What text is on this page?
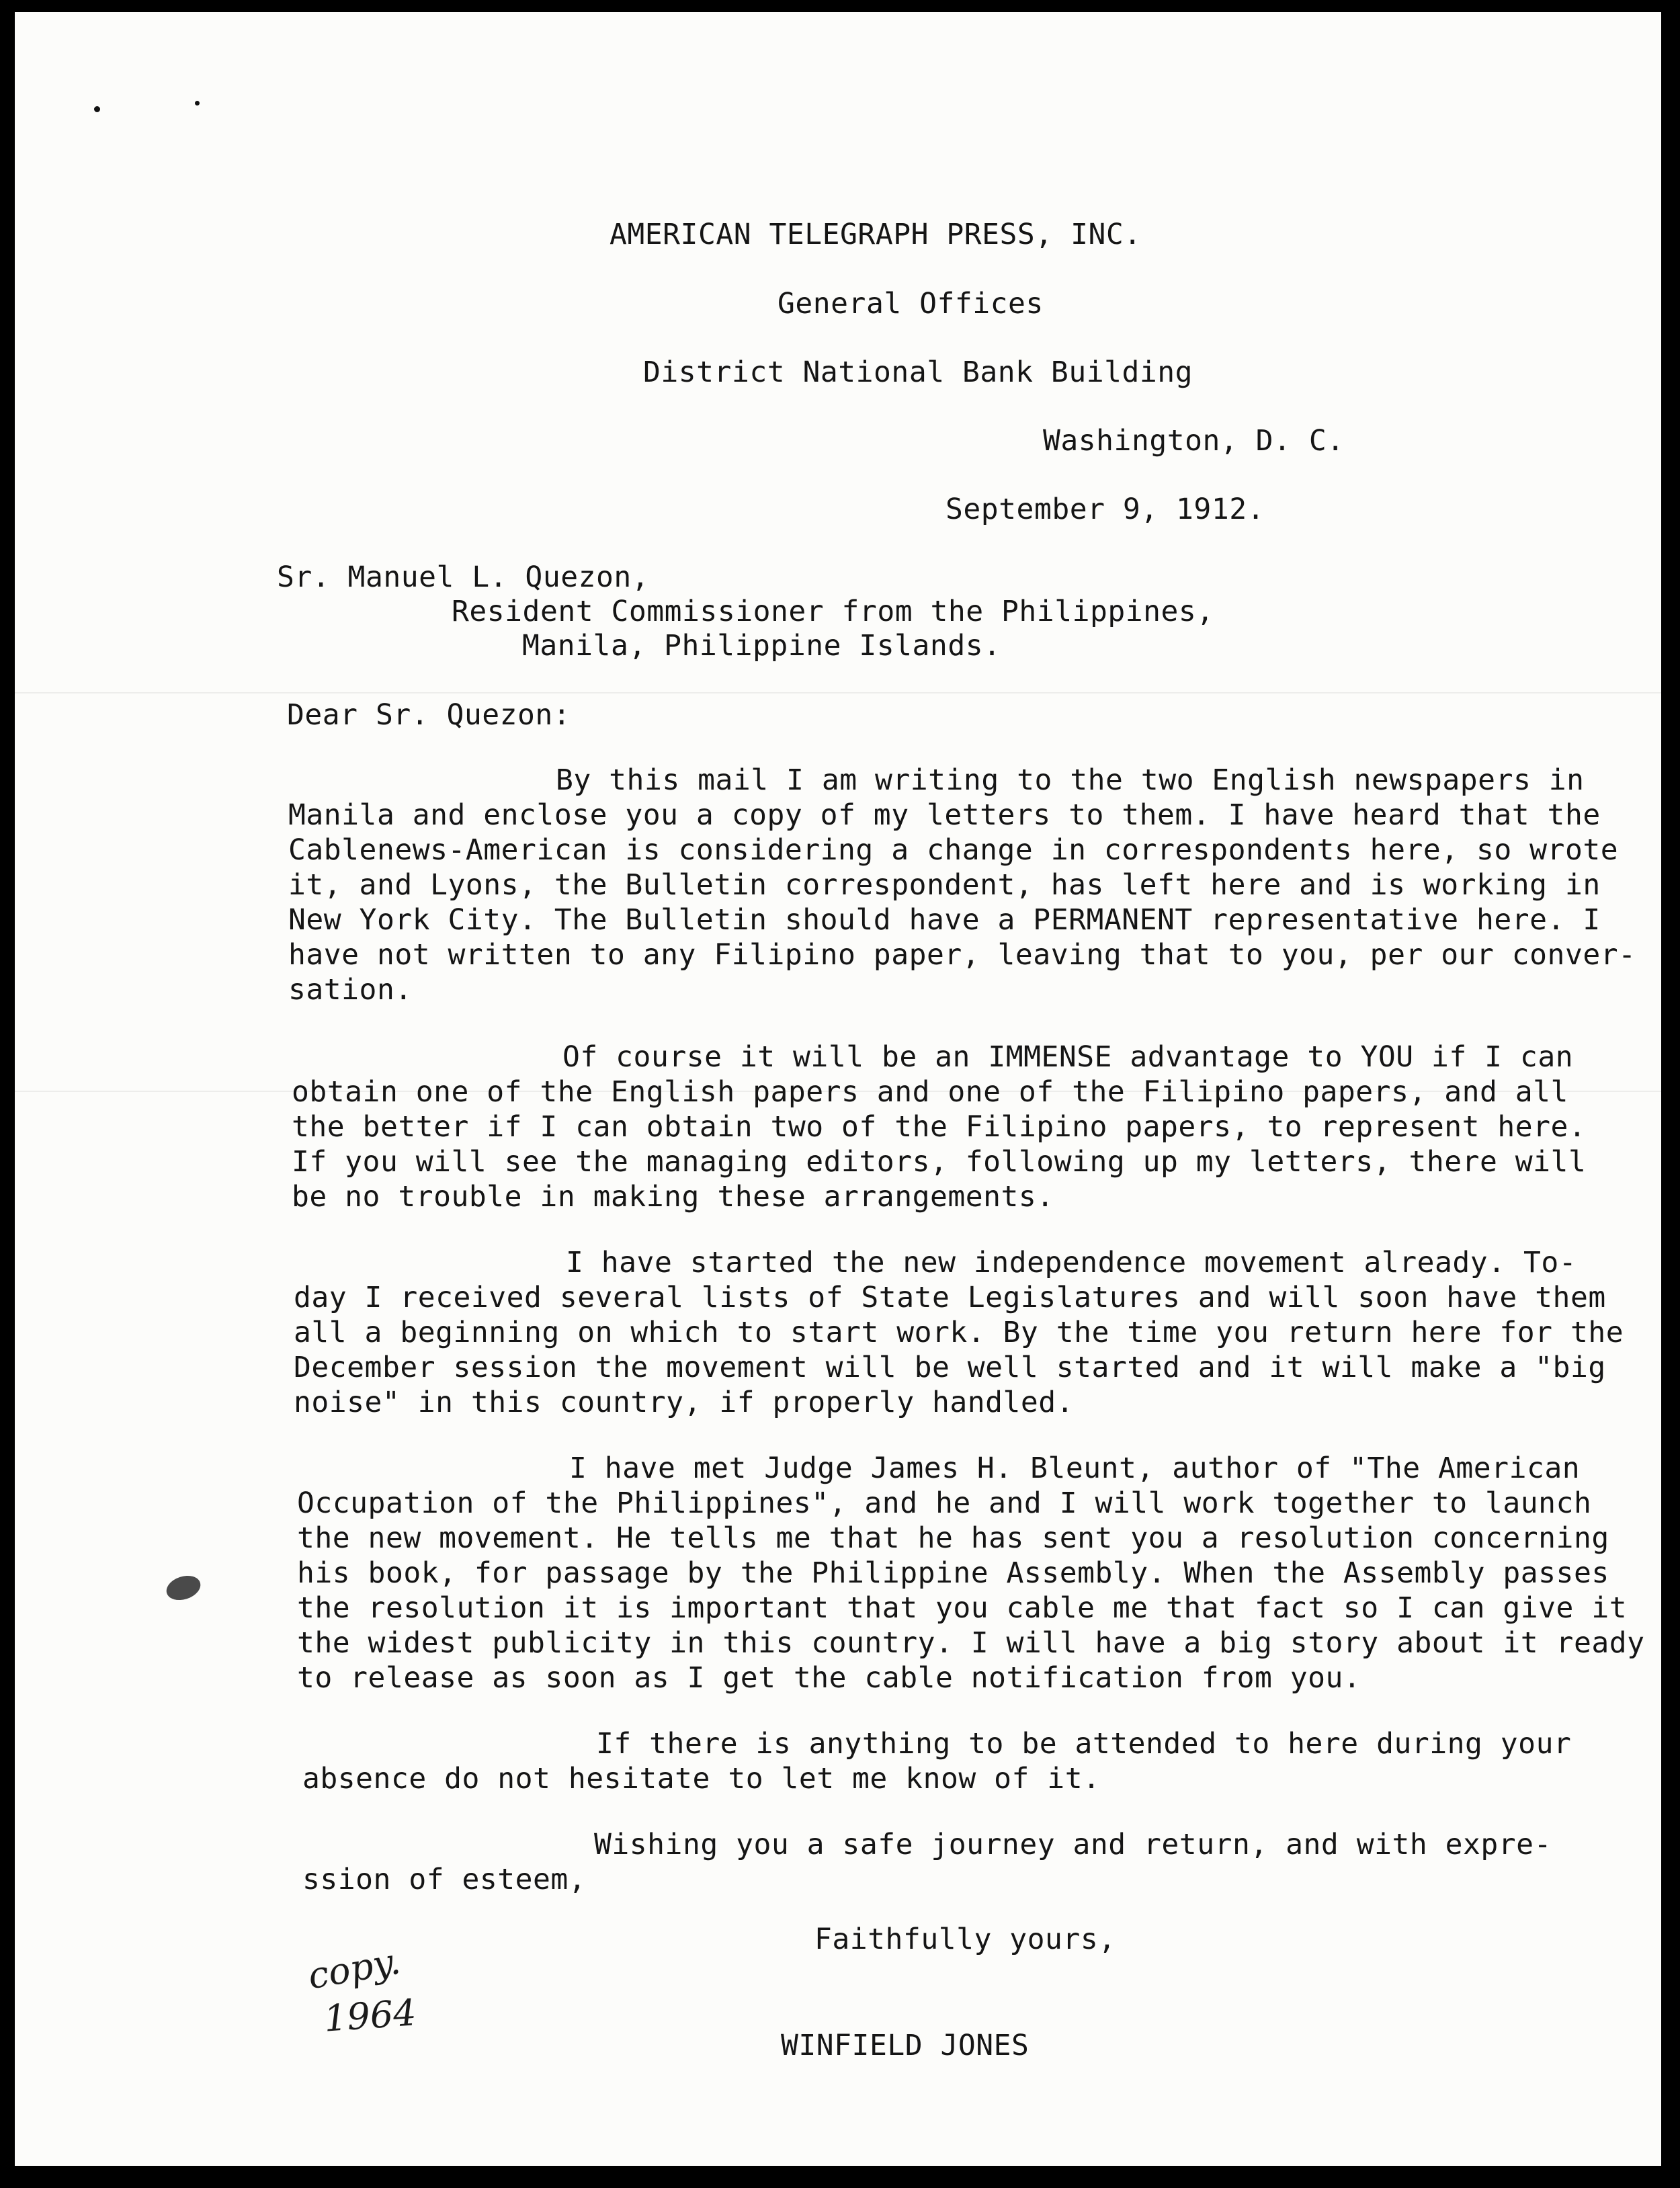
AMERICAN TELEGRAPH PRESS, INC.
General Offices
District National Bank Building
Washington, D. C.
September 9, 1912.
Sr. Manuel L. Quezon,
Resident Commissioner from the Philippines,
Manila, Philippine Islands.
Dear Sr. Quezon:
By this mail I am writing to the two English newspapers in
Manila and enclose you a copy of my letters to them. I have heard that the
Cablenews-American is considering a change in correspondents here, so wrote
it, and Lyons, the Bulletin correspondent, has left here and is working in
New York City. The Bulletin should have a PERMANENT representative here. I
have not written to any Filipino paper, leaving that to you, per our conver-
sation.
Of course it will be an IMMENSE advantage to YOU if I can
obtain one of the English papers and one of the Filipino papers, and all
the better if I can obtain two of the Filipino papers, to represent here.
If you will see the managing editors, following up my letters, there will
be no trouble in making these arrangements.
I have started the new independence movement already. To-
day I received several lists of State Legislatures and will soon have them
all a beginning on which to start work. By the time you return here for the
December session the movement will be well started and it will make a "big
noise" in this country, if properly handled.
I have met Judge James H. Bleunt, author of "The American
Occupation of the Philippines", and he and I will work together to launch
the new movement. He tells me that he has sent you a resolution concerning
his book, for passage by the Philippine Assembly. When the Assembly passes
the resolution it is important that you cable me that fact so I can give it
the widest publicity in this country. I will have a big story about it ready
to release as soon as I get the cable notification from you.
If there is anything to be attended to here during your
absence do not hesitate to let me know of it.
Wishing you a safe journey and return, and with expre-
ssion of esteem,
Faithfully yours,
WINFIELD JONES
copy.
1964
